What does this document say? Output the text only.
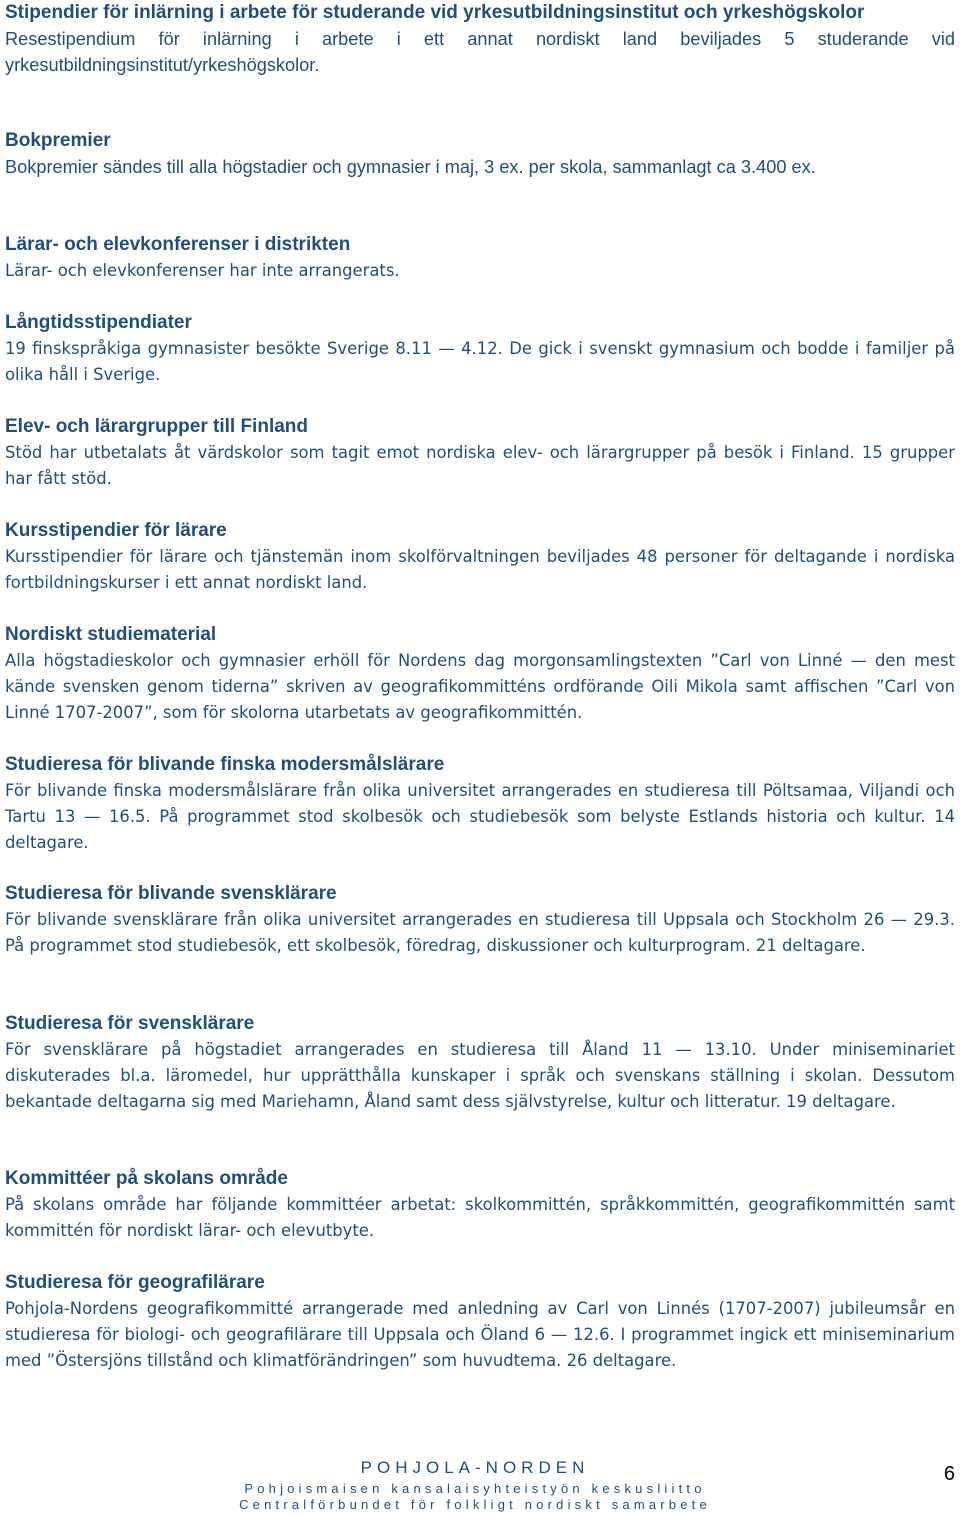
Stipendier för inlärning i arbete för studerande vid yrkesutbildningsinstitut och yrkeshögskolor

Resestipendium för inlärning i arbete i ett annat nordiskt land beviljades 5 studerande vid yrkesutbildningsinstitut/yrkeshögskolor.

Bokpremier

Bokpremier sändes till alla högstadier och gymnasier i maj, 3 ex. per skola, sammanlagt ca 3.400 ex.

Lärar- och elevkonferenser i distrikten

Lärar- och elevkonferenser har inte arrangerats.

Långtidsstipendiater

19 finskspråkiga gymnasister besökte Sverige 8.11 — 4.12. De gick i svenskt gymnasium och bodde i familjer på olika håll i Sverige.

Elev- och lärargrupper till Finland

Stöd har utbetalats åt värdskolor som tagit emot nordiska elev- och lärargrupper på besök i Finland. 15 grupper har fått stöd.

Kursstipendier för lärare

Kursstipendier för lärare och tjänstemän inom skolförvaltningen beviljades 48 personer för deltagande i nordiska fortbildningskurser i ett annat nordiskt land.

Nordiskt studiematerial

Alla högstadieskolor och gymnasier erhöll för Nordens dag morgonsamlingstexten ”Carl von Linné — den mest kände svensken genom tiderna” skriven av geografikommitténs ordförande Oili Mikola samt affischen ”Carl von Linné 1707-2007”, som för skolorna utarbetats av geografikommittén.

Studieresa för blivande finska modersmålslärare

För blivande finska modersmålslärare från olika universitet arrangerades en studieresa till Pöltsamaa, Viljandi och Tartu 13 — 16.5. På programmet stod skolbesök och studiebesök som belyste Estlands historia och kultur. 14 deltagare.

Studieresa för blivande svensklärare

För blivande svensklärare från olika universitet arrangerades en studieresa till Uppsala och Stockholm 26 — 29.3. På programmet stod studiebesök, ett skolbesök, föredrag, diskussioner och kulturprogram. 21 deltagare.

Studieresa för svensklärare

För svensklärare på högstadiet arrangerades en studieresa till Åland 11 — 13.10. Under miniseminariet diskuterades bl.a. läromedel, hur upprätthålla kunskaper i språk och svenskans ställning i skolan. Dessutom bekantade deltagarna sig med Mariehamn, Åland samt dess självstyrelse, kultur och litteratur. 19 deltagare.

Kommittéer på skolans område

På skolans område har följande kommittéer arbetat: skolkommittén, språkkommittén, geografikommittén samt kommittén för nordiskt lärar- och elevutbyte.

Studieresa för geografilärare

Pohjola-Nordens geografikommitté arrangerade med anledning av Carl von Linnés (1707-2007) jubileumsår en studieresa för biologi- och geografilärare till Uppsala och Öland 6 — 12.6. I programmet ingick ett miniseminarium med ”Östersjöns tillstånd och klimatförändringen” som huvudtema. 26 deltagare.

POHJOLA-NORDEN
Pohjoismaisen kansalaisyhteistyön keskusliitto
Centralförbundet för folkligt nordiskt samarbete
6
